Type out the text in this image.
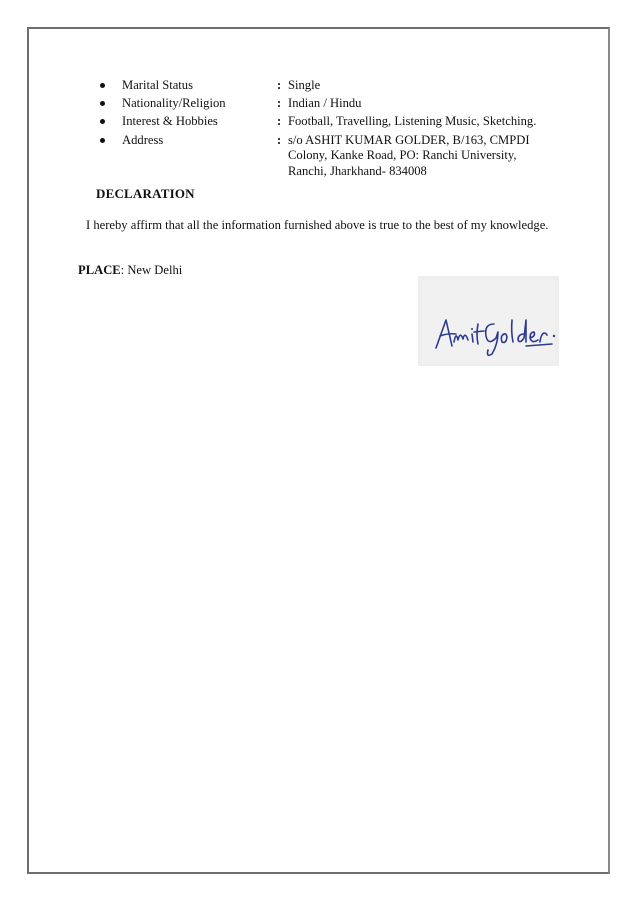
Marital Status	: Single
Nationality/Religion	: Indian / Hindu
Interest & Hobbies	: Football, Travelling, Listening Music, Sketching.
Address	: s/o ASHIT KUMAR GOLDER, B/163, CMPDI
Colony, Kanke Road, PO: Ranchi University,
Ranchi, Jharkhand- 834008
DECLARATION
I hereby affirm that all the information furnished above is true to the best of my knowledge.
PLACE: New Delhi
